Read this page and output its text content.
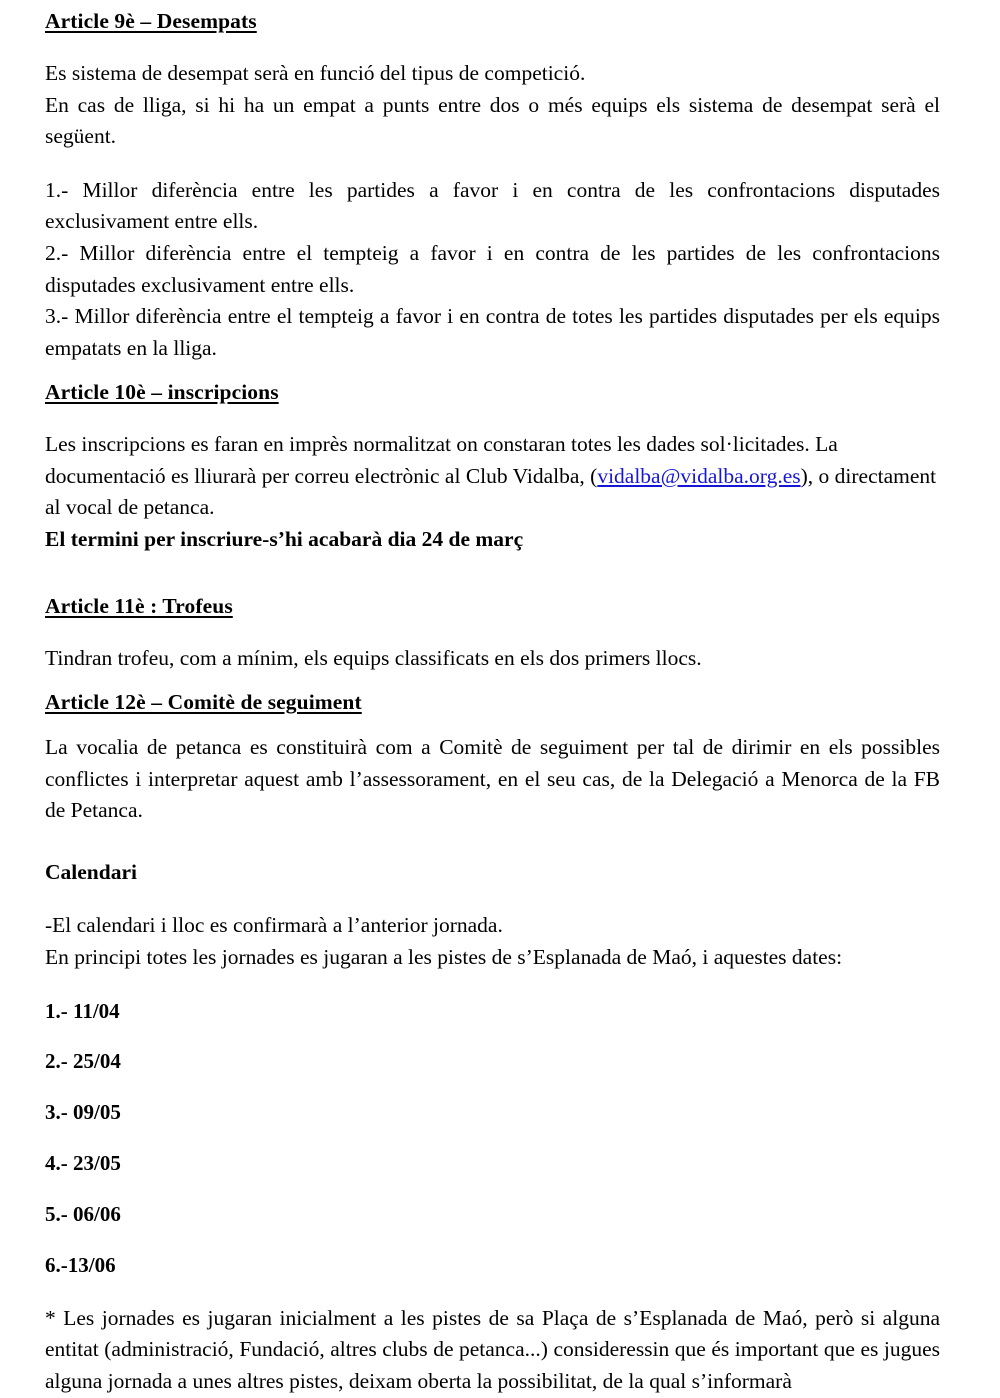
Article 9è – Desempats

Es sistema de desempat serà en funció del tipus de competició.

En cas de lliga, si hi ha un empat a punts entre dos o més equips els sistema de desempat serà el següent.

1.- Millor diferència entre les partides a favor i en contra de les confrontacions disputades exclusivament entre ells.

2.- Millor diferència entre el tempteig a favor i en contra de les partides de les confrontacions disputades exclusivament entre ells.

3.- Millor diferència entre el tempteig a favor i en contra de totes les partides disputades per els equips empatats en la lliga.

Article 10è – inscripcions

Les inscripcions es faran en imprès normalitzat on constaran totes les dades sol·licitades. La documentació es lliurarà per correu electrònic al Club Vidalba, (vidalba@vidalba.org.es), o directament al vocal de petanca.

El termini per inscriure-s’hi acabarà dia 24 de març

Article 11è : Trofeus

Tindran trofeu, com a mínim, els equips classificats en els dos primers llocs.

Article 12è – Comitè de seguiment

La vocalia de petanca es constituirà com a Comitè de seguiment per tal de dirimir en els possibles conflictes i interpretar aquest amb l’assessorament, en el seu cas, de la Delegació a Menorca de la FB de Petanca.

Calendari

-El calendari i lloc es confirmarà a l’anterior jornada.

En principi totes les jornades es jugaran a les pistes de s’Esplanada de Maó, i aquestes dates:

1.- 11/04

2.- 25/04

3.- 09/05

4.- 23/05

5.- 06/06

6.-13/06

* Les jornades es jugaran inicialment a les pistes de sa Plaça de s’Esplanada de Maó, però si alguna entitat (administració, Fundació, altres clubs de petanca...) consideressin que és important que es jugues alguna jornada a unes altres pistes, deixam oberta la possibilitat, de la qual s’informarà
